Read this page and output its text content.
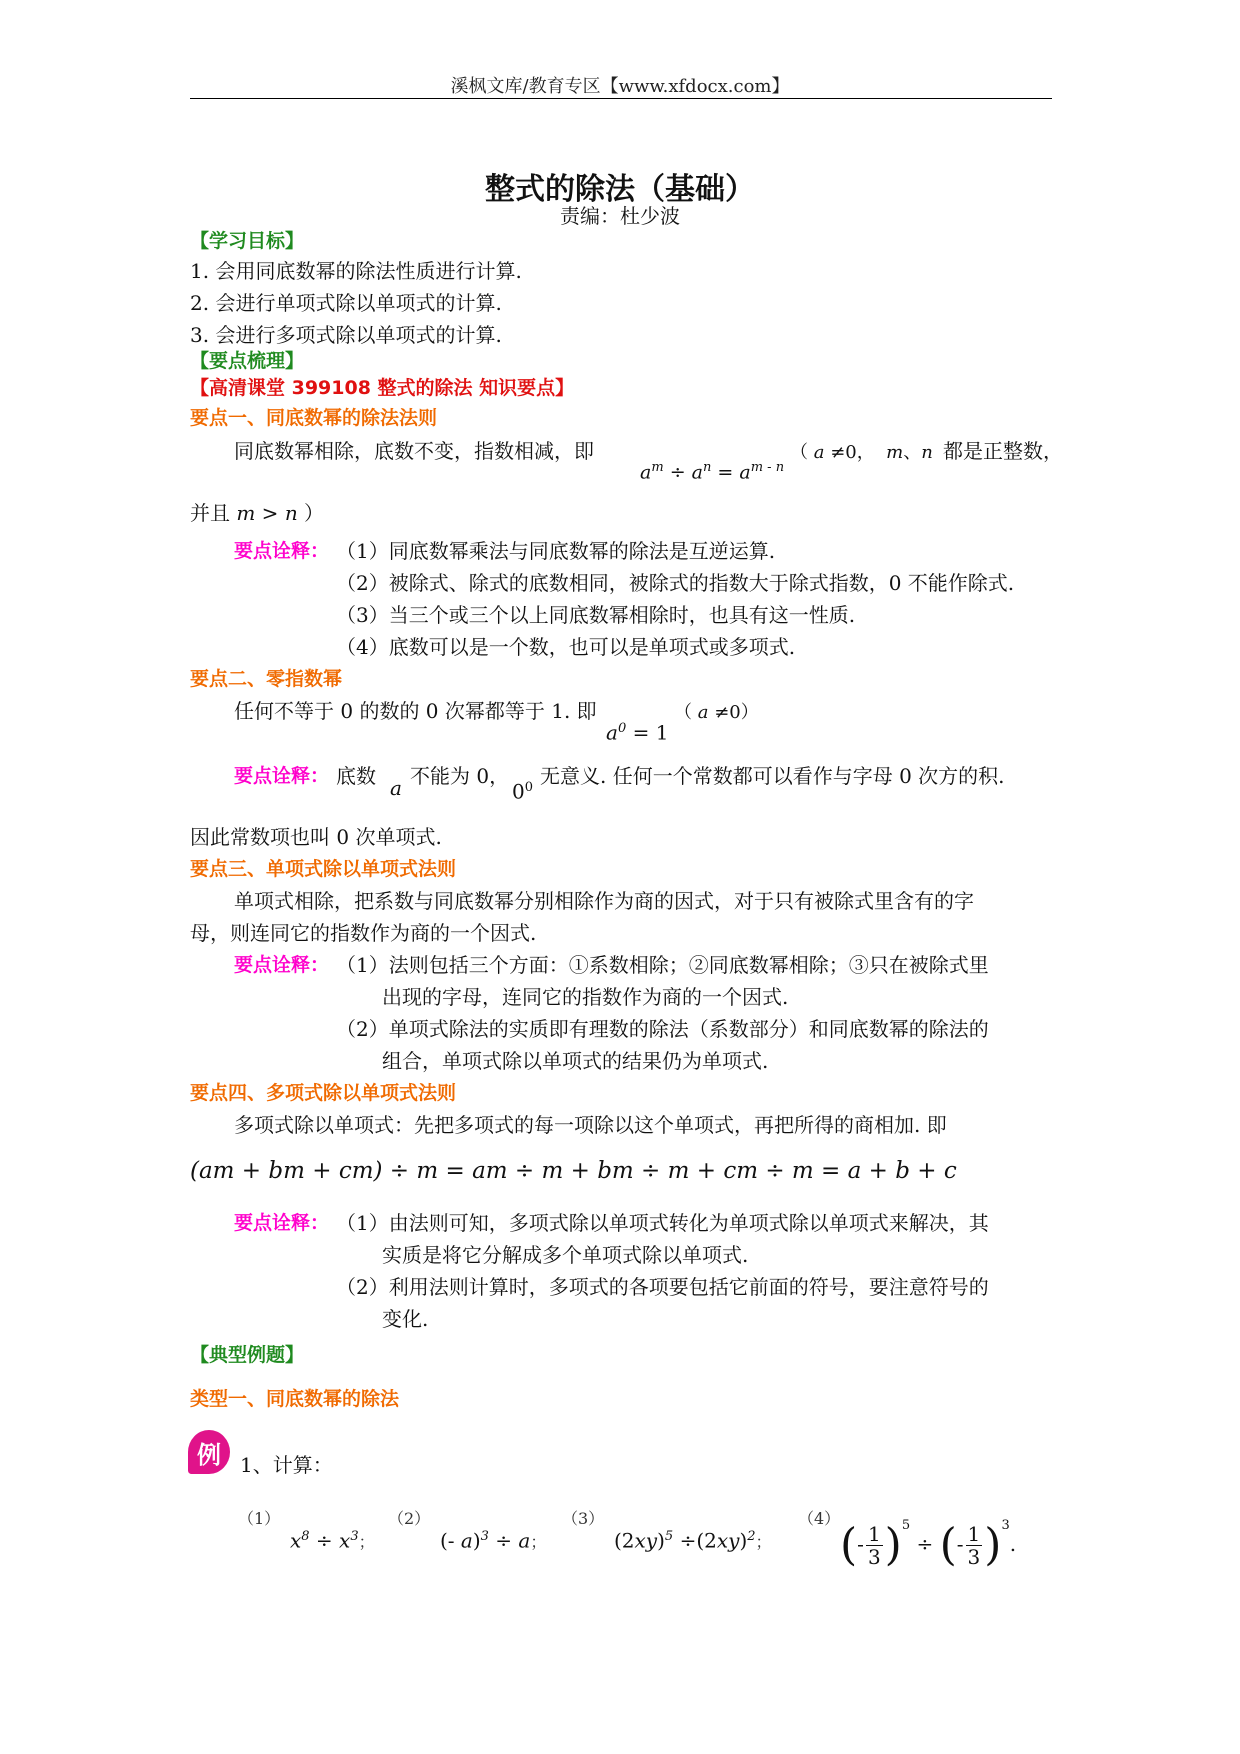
溪枫文库/教育专区【www.xfdocx.com】
整式的除法（基础）
责编：杜少波
【学习目标】
1. 会用同底数幂的除法性质进行计算.
2. 会进行单项式除以单项式的计算.
3. 会进行多项式除以单项式的计算.
【要点梳理】
【高清课堂 399108 整式的除法 知识要点】
要点一、同底数幂的除法法则
同底数幂相除，底数不变，指数相减，即
$a^m \div a^n = a^{m - n}$
（ a ≠0，  m、n 都是正整数，
并且 m > n ）
要点诠释： （1）同底数幂乘法与同底数幂的除法是互逆运算.
（2）被除式、除式的底数相同，被除式的指数大于除式指数，0 不能作除式.
（3）当三个或三个以上同底数幂相除时，也具有这一性质.
（4）底数可以是一个数，也可以是单项式或多项式.
要点二、零指数幂
任何不等于 0 的数的 0 次幂都等于 1. 即
$a^0 = 1$
（ a ≠0）
要点诠释： 底数 a 不能为 0，
$0^0$ 无意义. 任何一个常数都可以看作与字母 0 次方的积.
因此常数项也叫 0 次单项式.
要点三、单项式除以单项式法则
单项式相除，把系数与同底数幂分别相除作为商的因式，对于只有被除式里含有的字
母，则连同它的指数作为商的一个因式.
要点诠释： （1）法则包括三个方面：①系数相除；②同底数幂相除；③只在被除式里
出现的字母，连同它的指数作为商的一个因式.
（2）单项式除法的实质即有理数的除法（系数部分）和同底数幂的除法的
组合，单项式除以单项式的结果仍为单项式.
要点四、多项式除以单项式法则
多项式除以单项式：先把多项式的每一项除以这个单项式，再把所得的商相加. 即
(am + bm + cm) ÷ m = am ÷ m + bm ÷ m + cm ÷ m = a + b + c
要点诠释： （1）由法则可知，多项式除以单项式转化为单项式除以单项式来解决，其
实质是将它分解成多个单项式除以单项式.
（2）利用法则计算时，多项式的各项要包括它前面的符号，要注意符号的
变化.
【典型例题】
类型一、同底数幂的除法
例 1、计算：
（1）
$x^8 \div x^3$；
（2）
(- a)$^3$ ÷ a；
（3）
$(2xy)^5 \div(2xy)^2$；
（4）
(- $\frac{1}{3} )^5$ ÷ (- $\frac{1}{3} )^3$.
